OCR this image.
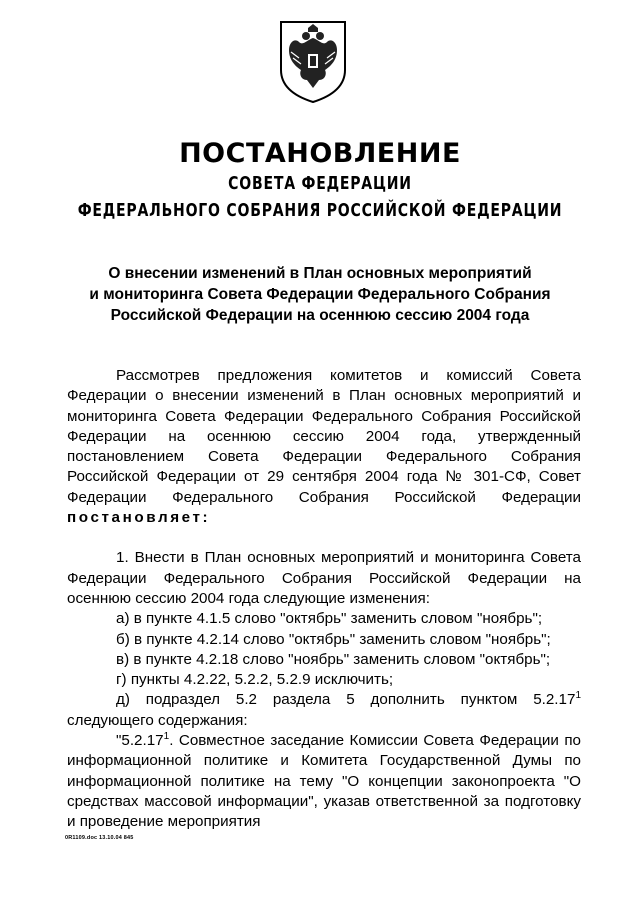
ПОСТАНОВЛЕНИЕ
СОВЕТА ФЕДЕРАЦИИ
ФЕДЕРАЛЬНОГО СОБРАНИЯ РОССИЙСКОЙ ФЕДЕРАЦИИ
О внесении изменений в План основных мероприятий
и мониторинга Совета Федерации Федерального Собрания
Российской Федерации на осеннюю сессию 2004 года

Рассмотрев предложения комитетов и комиссий Совета Федерации о внесении изменений в План основных мероприятий и мониторинга Совета Федерации Федерального Собрания Российской Федерации на осеннюю сессию 2004 года, утвержденный постановлением Совета Федерации Федерального Собрания Российской Федерации от 29 сентября 2004 года № 301-СФ, Совет Федерации Федерального Собрания Российской Федерации постановляет:

1. Внести в План основных мероприятий и мониторинга Совета Федерации Федерального Собрания Российской Федерации на осеннюю сессию 2004 года следующие изменения:

а) в пункте 4.1.5 слово "октябрь" заменить словом "ноябрь";

б) в пункте 4.2.14 слово "октябрь" заменить словом "ноябрь";

в) в пункте 4.2.18 слово "ноябрь" заменить словом "октябрь";

г) пункты 4.2.22, 5.2.2, 5.2.9 исключить;

д) подраздел 5.2 раздела 5 дополнить пунктом 5.2.17$^1$ следующего содержания:

"5.2.17$^1$. Совместное заседание Комиссии Совета Федерации по информационной политике и Комитета Государственной Думы по информационной политике на тему "О концепции законопроекта "О средствах массовой информации", указав ответственной за подготовку и проведение мероприятия

0R1109.doc 13.10.04 845
